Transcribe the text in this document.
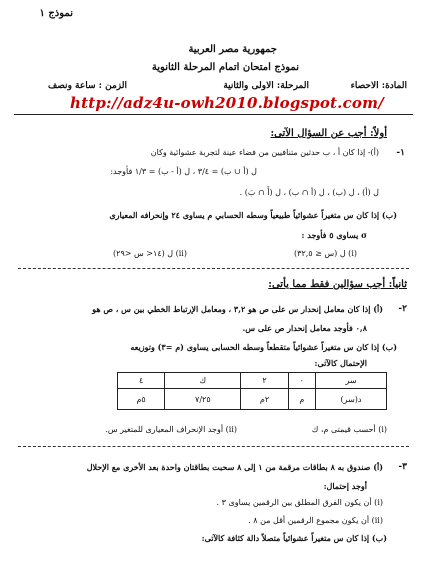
نموذج ١
جمهورية مصر العربية
نموذج امتحان اتمام المرحلة الثانوية
المادة: الاحصاء
المرحلة: الاولى والثانية
الزمن : ساعة ونصف
http://adz4u-owh2010.blogspot.com/
أولاً: أجب عن السؤال الآتى:
١-
(أ)- إذا كان أ ، ب حدثين متنافيين من فضاء عينة لتجربة عشوائية وكان
ل (أ ∪ ب) = ٣/٤ ، ل (أ - ب) = ١/٣ فأوجد:
ل (أ) ، ل (ب) ، ل (أ ∩ ب) ، ل (أَ ∩ بَ) .
(ب) إذا كان س متغيراً عشوائياً طبيعياً وسطه الحسابي م يساوى ٢٤ وإنحرافه المعيارى
σ يساوى ٥ فأوجد :
(i) ل (س ≤ ٣٢,٥)
(ii) ل (١٤< س <٢٩)
ثانياً: أجب سؤالين فقط مما يأتى:
٢-
(أ) إذا كان معامل إنحدار س على ص هو ٣,٢ ، ومعامل الإرتباط الخطي بين س ، ص هو
٠,٨ فأوجد معامل إنحدار ص على س.
(ب) إذا كان س متغيراً عشوائياً متقطعاً وسطه الحسابى يساوى (م =٣) وتوزيعه
الإحتمال كالآتى:
سر	٠	٢	ك	٤
د(سر)	م	٢م	٧/٢٥	٥م
(i) أحسب قيمتى م، ك
(ii) أوجد الإنحراف المعيارى للمتغير س.
٣-
(أ) صندوق به ٨ بطاقات مرقمة من ١ إلى ٨ سحبت بطاقتان واحدة بعد الأخرى مع الإحلال
أوجد إحتمال:
(i) أن يكون الفرق المطلق بين الرقمين يساوى ٣ .
(ii) أن يكون مجموع الرقمين أقل من ٨ .
(ب) إذا كان س متغيراً عشوائياً متصلاً دالة كثافة كالآتى:
